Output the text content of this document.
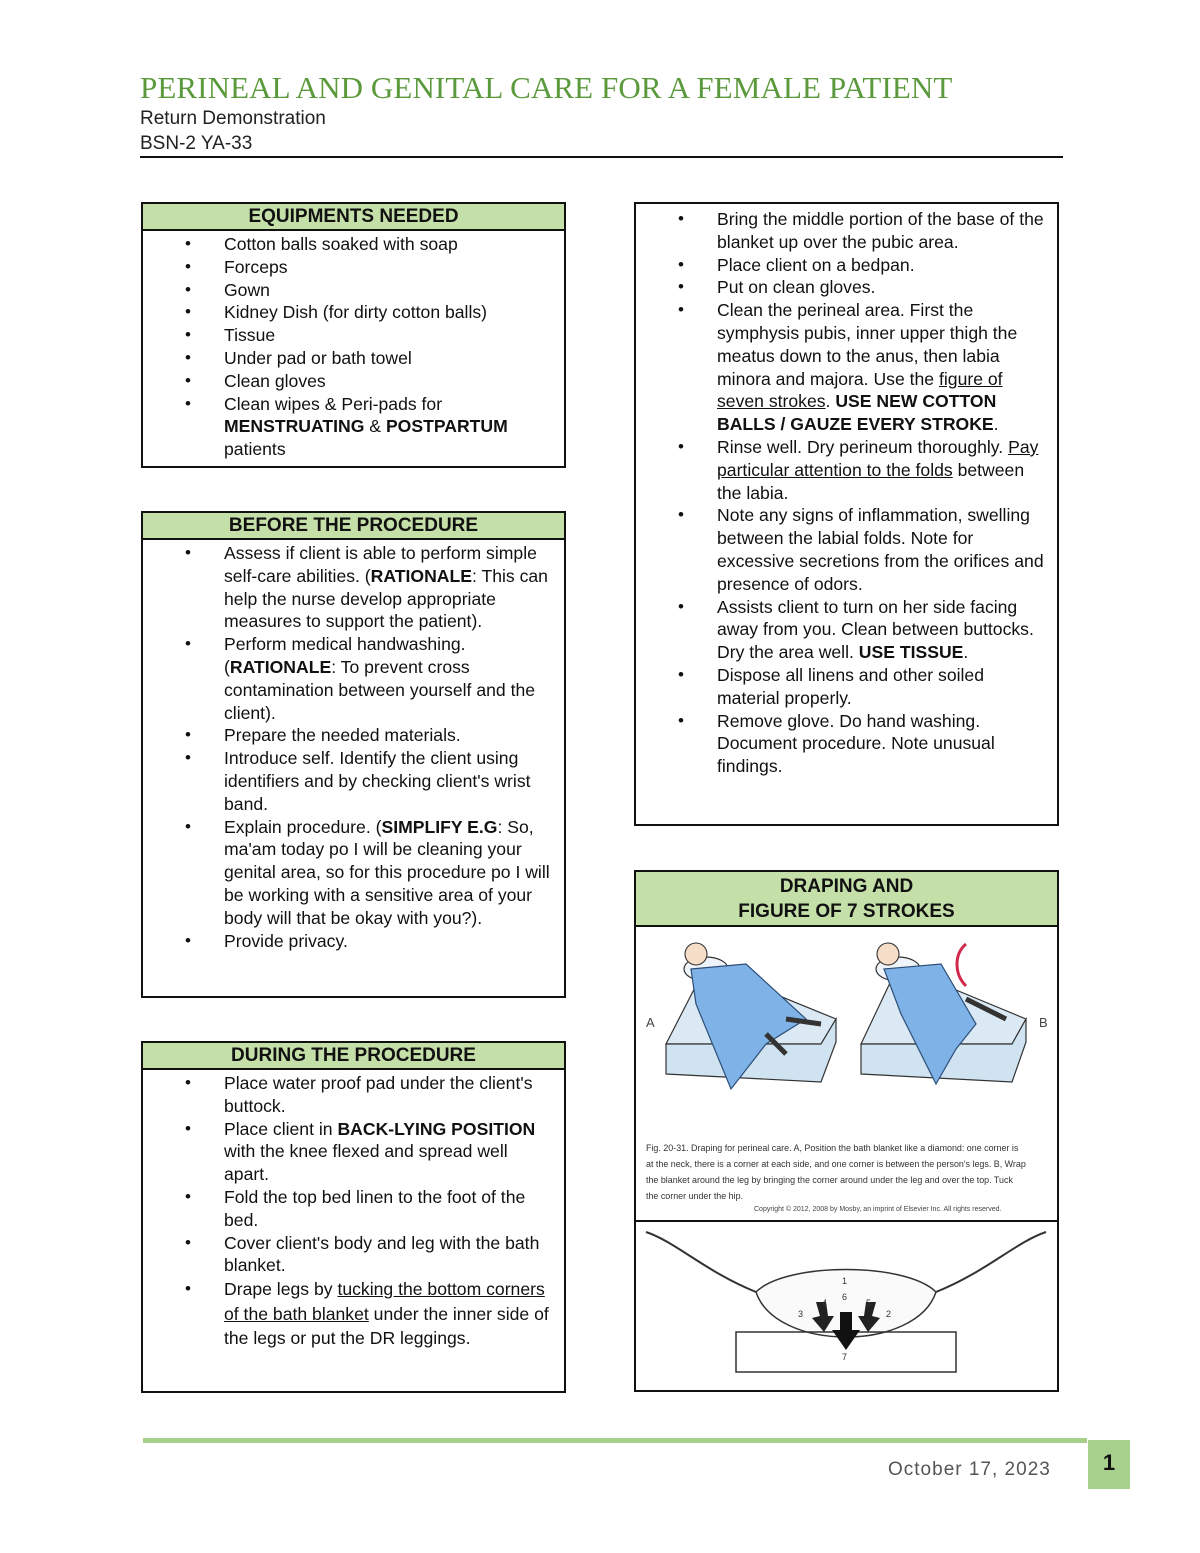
PERINEAL AND GENITAL CARE FOR A FEMALE PATIENT
Return Demonstration
BSN-2 YA-33
EQUIPMENTS NEEDED
• Cotton balls soaked with soap
• Forceps
• Gown
• Kidney Dish (for dirty cotton balls)
• Tissue
• Under pad or bath towel
• Clean gloves
• Clean wipes & Peri-pads for
MENSTRUATING & POSTPARTUM patients
BEFORE THE PROCEDURE
• Assess if client is able to perform simple self-care abilities. (RATIONALE: This can help the nurse develop appropriate measures to support the patient).
• Perform medical handwashing. (RATIONALE: To prevent cross contamination between yourself and the client).
• Prepare the needed materials.
• Introduce self. Identify the client using identifiers and by checking client's wrist band.
• Explain procedure. (SIMPLIFY E.G: So, ma'am today po I will be cleaning your genital area, so for this procedure po I will be working with a sensitive area of your body will that be okay with you?).
• Provide privacy.
DURING THE PROCEDURE
• Place water proof pad under the client's buttock.
• Place client in BACK-LYING POSITION with the knee flexed and spread well apart.
• Fold the top bed linen to the foot of the bed.
• Cover client's body and leg with the bath blanket.
• Drape legs by tucking the bottom corners of the bath blanket under the inner side of the legs or put the DR leggings.
• Bring the middle portion of the base of the blanket up over the pubic area.
• Place client on a bedpan.
• Put on clean gloves.
• Clean the perineal area. First the symphysis pubis, inner upper thigh the meatus down to the anus, then labia minora and majora. Use the figure of seven strokes. USE NEW COTTON BALLS / GAUZE EVERY STROKE.
• Rinse well. Dry perineum thoroughly. Pay particular attention to the folds between the labia.
• Note any signs of inflammation, swelling between the labial folds. Note for excessive secretions from the orifices and presence of odors.
• Assists client to turn on her side facing away from you. Clean between buttocks. Dry the area well. USE TISSUE.
• Dispose all linens and other soiled material properly.
• Remove glove. Do hand washing. Document procedure. Note unusual findings.
DRAPING AND
FIGURE OF 7 STROKES
A	B
Fig. 20-31. Draping for perineal care. A, Position the bath blanket like a diamond: one corner is at the neck, there is a corner at each side, and one corner is between the person's legs. B, Wrap the blanket around the leg by bringing the corner around under the leg and over the top. Tuck the corner under the hip.
Copyright © 2012, 2008 by Mosby, an imprint of Elsevier Inc. All rights reserved.
1
2
3
4	5
6
7
October 17, 2023	1
